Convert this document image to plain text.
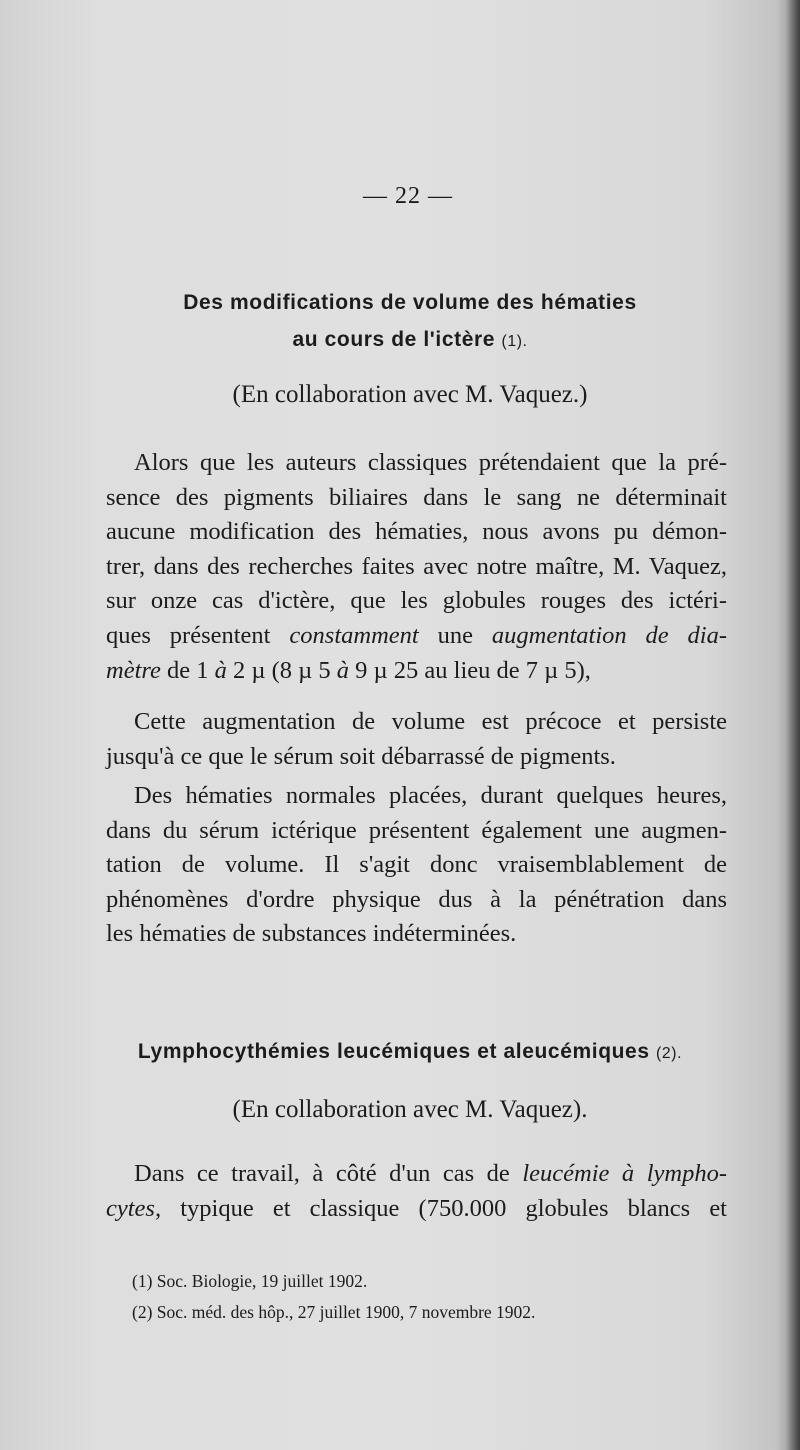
— 22 —
Des modifications de volume des hématies
au cours de l'ictère (1).
(En collaboration avec M. Vaquez.)
Alors que les auteurs classiques prétendaient que la pré-
sence des pigments biliaires dans le sang ne déterminait
aucune modification des hématies, nous avons pu démon-
trer, dans des recherches faites avec notre maître, M. Vaquez,
sur onze cas d'ictère, que les globules rouges des ictéri-
ques présentent constamment une augmentation de dia-
mètre de 1 à 2 µ (8 µ 5 à 9 µ 25 au lieu de 7 µ 5),
Cette augmentation de volume est précoce et persiste
jusqu'à ce que le sérum soit débarrassé de pigments.
Des hématies normales placées, durant quelques heures,
dans du sérum ictérique présentent également une augmen-
tation de volume. Il s'agit donc vraisemblablement de
phénomènes d'ordre physique dus à la pénétration dans
les hématies de substances indéterminées.
Lymphocythémies leucémiques et aleucémiques (2).
(En collaboration avec M. Vaquez).
Dans ce travail, à côté d'un cas de leucémie à lympho-
cytes, typique et classique (750.000 globules blancs et
(1) Soc. Biologie, 19 juillet 1902.
(2) Soc. méd. des hôp., 27 juillet 1900, 7 novembre 1902.
